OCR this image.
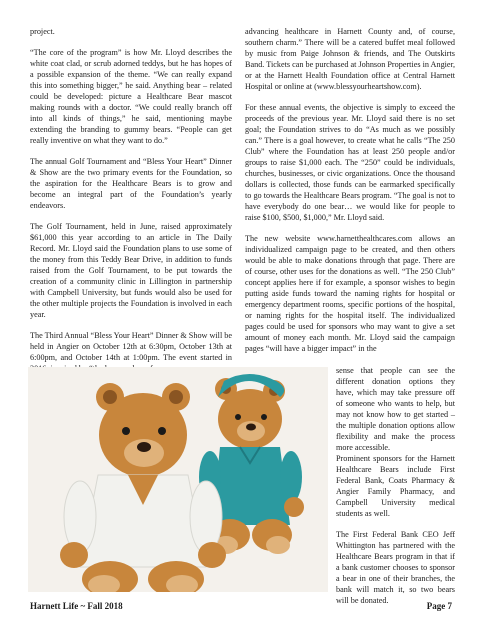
project.

“The core of the program” is how Mr. Lloyd describes the white coat clad, or scrub adorned teddys, but he has hopes of a possible expansion of the theme. “We can really expand this into something bigger,” he said. Anything bear – related could be developed: picture a Healthcare Bear mascot making rounds with a doctor. “We could really branch off into all kinds of things,” he said, mentioning maybe extending the branding to gummy bears. “People can get really inventive on what they want to do.”

The annual Golf Tournament and “Bless Your Heart” Dinner & Show are the two primary events for the Foundation, so the aspiration for the Healthcare Bears is to grow and become an integral part of the Foundation’s yearly endeavors.

The Golf Tournament, held in June, raised approximately $61,000 this year according to an article in The Daily Record. Mr. Lloyd said the Foundation plans to use some of the money from this Teddy Bear Drive, in addition to funds raised from the Golf Tournament, to be put towards the creation of a community clinic in Lillington in partnership with Campbell University, but funds would also be used for the other multiple projects the Foundation is involved in each year.

The Third Annual “Bless Your Heart” Dinner & Show will be held in Angier on October 12th at 6:30pm, October 13th at 6:00pm, and October 14th at 1:00pm. The event started in

advancing healthcare in Harnett County and, of course, southern charm.” There will be a catered buffet meal followed by music from Paige Johnson & friends, and The Outskirts Band. Tickets can be purchased at Johnson Properties in Angier, or at the Harnett Health Foundation office at Central Harnett Hospital or online at (www.blessyourheartshow.com).

For these annual events, the objective is simply to exceed the proceeds of the previous year. Mr. Lloyd said there is no set goal; the Foundation strives to do “As much as we possibly can.” There is a goal however, to create what he calls “The 250 Club” where the Foundation has at least 250 people and/or groups to raise $1,000 each. The “250” could be individuals, churches, businesses, or civic organizations. Once the thousand dollars is collected, those funds can be earmarked specifically to go towards the Healthcare Bears program. “The goal is not to have everybody do one bear… we would like for people to raise $100, $500, $1,000,” Mr. Lloyd said.

The new website www.harnetthealthcares.com allows an individualized campaign page to be created, and then others would be able to make donations through that page. There are of course, other uses for the donations as well. “The 250 Club” concept applies here if for example, a sponsor wishes to begin putting aside funds toward the naming rights for hospital or emergency department rooms, specific portions of the hospital, or naming rights for the hospital itself. The individualized pages could be used for sponsors who may want to give a set amount of money each month. Mr. Lloyd said the campaign pages “will have a bigger impact” in the

sense that people can see the different donation options they have, which may take pressure off of someone who wants to help, but may not know how to get started – the multiple donation options allow flexibility and make the process more accessible.
Prominent sponsors for the Harnett Healthcare Bears include First Federal Bank, Coats Pharmacy & Angier Family Pharmacy, and Campbell University medical students as well.

The First Federal Bank CEO Jeff Whittington has partnered with the Healthcare Bears program in that if a bank customer chooses to sponsor a bear in one of their branches, the bank will match it, so two bears will be donated.

Harnett Life ~ Fall 2018	Page 7
